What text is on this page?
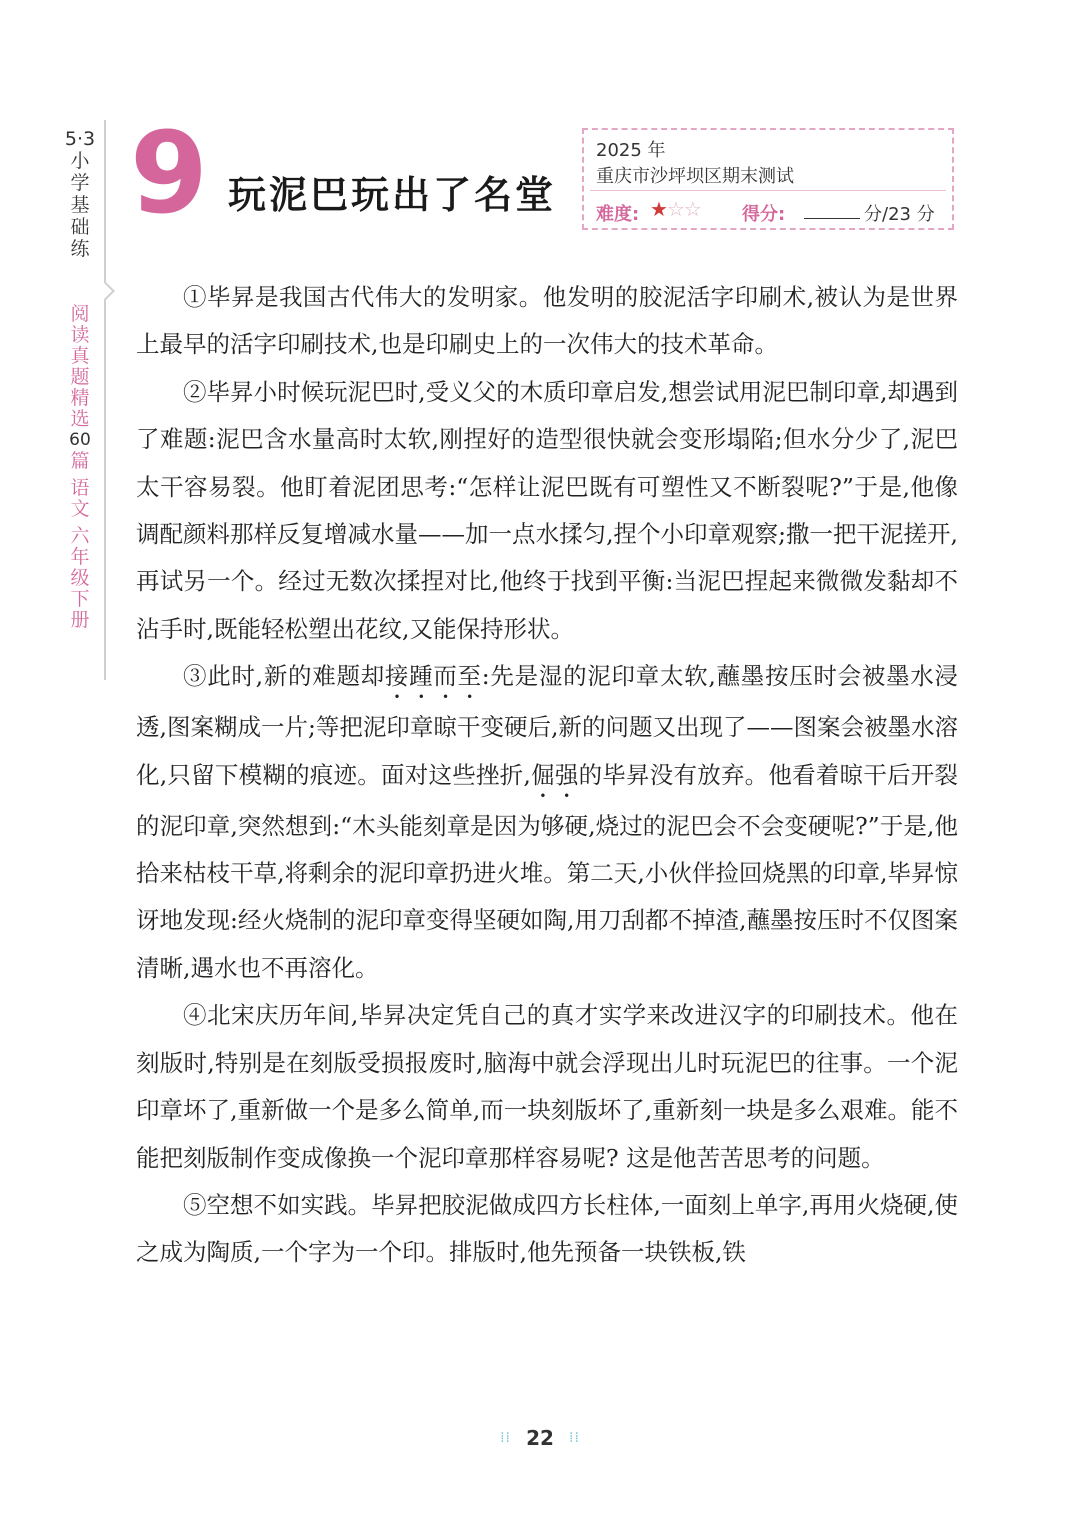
5·3小学基础练
阅读真题精选
60
篇
语文
六年级下册
9 玩泥巴玩出了名堂
2025 年
重庆市沙坪坝区期末测试
难度: ★☆☆ 得分:	分/23 分

①毕昇是我国古代伟大的发明家。他发明的胶泥活字印刷术,被认为是世界上最早的活字印刷技术,也是印刷史上的一次伟大的技术革命。

②毕昇小时候玩泥巴时,受义父的木质印章启发,想尝试用泥巴制印章,却遇到了难题:泥巴含水量高时太软,刚捏好的造型很快就会变形塌陷;但水分少了,泥巴太干容易裂。他盯着泥团思考:“怎样让泥巴既有可塑性又不断裂呢?”于是,他像调配颜料那样反复增减水量——加一点水揉匀,捏个小印章观察;撒一把干泥搓开,再试另一个。经过无数次揉捏对比,他终于找到平衡:当泥巴捏起来微微发黏却不沾手时,既能轻松塑出花纹,又能保持形状。

③此时,新的难题却接踵而至:先是湿的泥印章太软,蘸墨按压时会被墨水浸透,图案糊成一片;等把泥印章晾干变硬后,新的问题又出现了——图案会被墨水溶化,只留下模糊的痕迹。面对这些挫折,倔强的毕昇没有放弃。他看着晾干后开裂的泥印章,突然想到:“木头能刻章是因为够硬,烧过的泥巴会不会变硬呢?”于是,他拾来枯枝干草,将剩余的泥印章扔进火堆。第二天,小伙伴捡回烧黑的印章,毕昇惊讶地发现:经火烧制的泥印章变得坚硬如陶,用刀刮都不掉渣,蘸墨按压时不仅图案清晰,遇水也不再溶化。

④北宋庆历年间,毕昇决定凭自己的真才实学来改进汉字的印刷技术。他在刻版时,特别是在刻版受损报废时,脑海中就会浮现出儿时玩泥巴的往事。一个泥印章坏了,重新做一个是多么简单,而一块刻版坏了,重新刻一块是多么艰难。能不能把刻版制作变成像换一个泥印章那样容易呢? 这是他苦苦思考的问题。

⑤空想不如实践。毕昇把胶泥做成四方长柱体,一面刻上单字,再用火烧硬,使之成为陶质,一个字为一个印。排版时,他先预备一块铁板,铁

⁞⁞ 22 ⁞⁞
